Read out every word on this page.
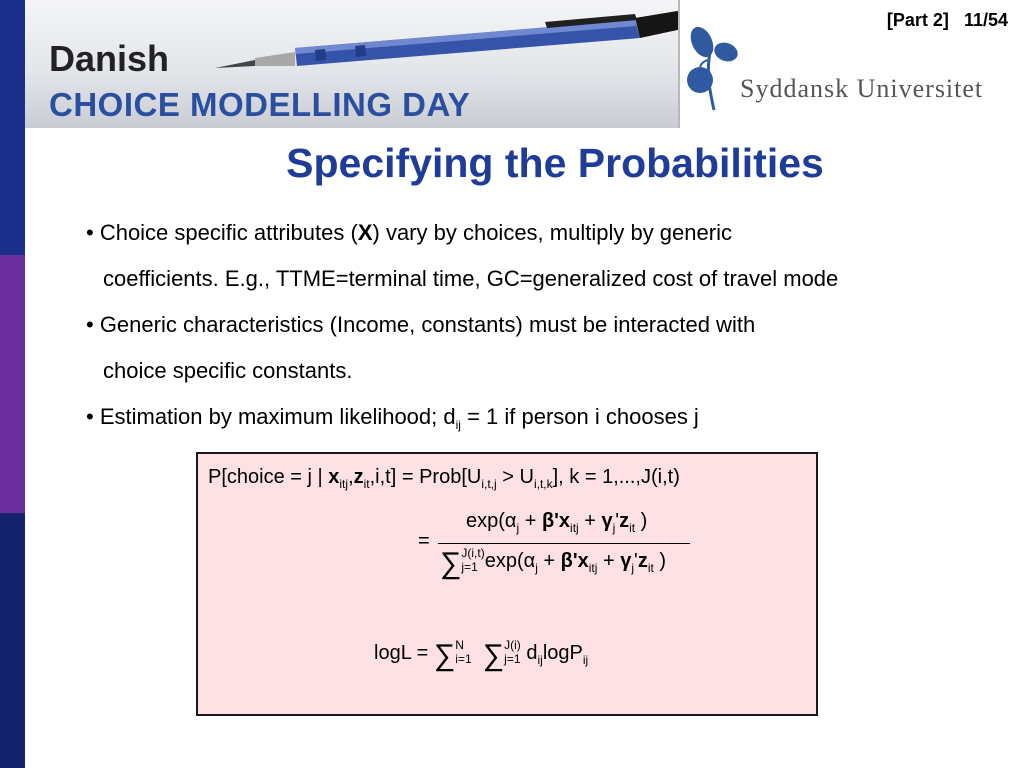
Danish
CHOICE MODELLING DAY	Syddansk Universitet
[Part 2] 11/54
Specifying the Probabilities
• Choice specific attributes (X) vary by choices, multiply by generic
coefficients. E.g., TTME=terminal time, GC=generalized cost of travel mode
• Generic characteristics (Income, constants) must be interacted with
choice specific constants.
• Estimation by maximum likelihood; $d_{ij} = 1$ if person i chooses j
P[choice = j | $x_{itj},z_{it},i,t$] = $Prob[U_{i,t,j} > U_{i,t,k}]$, k = 1,...,J(i,t)
$\exp(\alpha_j + \beta'x_{itj} + \gamma_j'z_{it}$ )
=
∑ J(i,t)
j=1 $\exp(\alpha_j + \beta'x_{itj} + \gamma_j'z_{it}$ )
logL = ∑ N
i=1 ∑ J(i)
j=1 $d_{ij}\log P_{ij}$
